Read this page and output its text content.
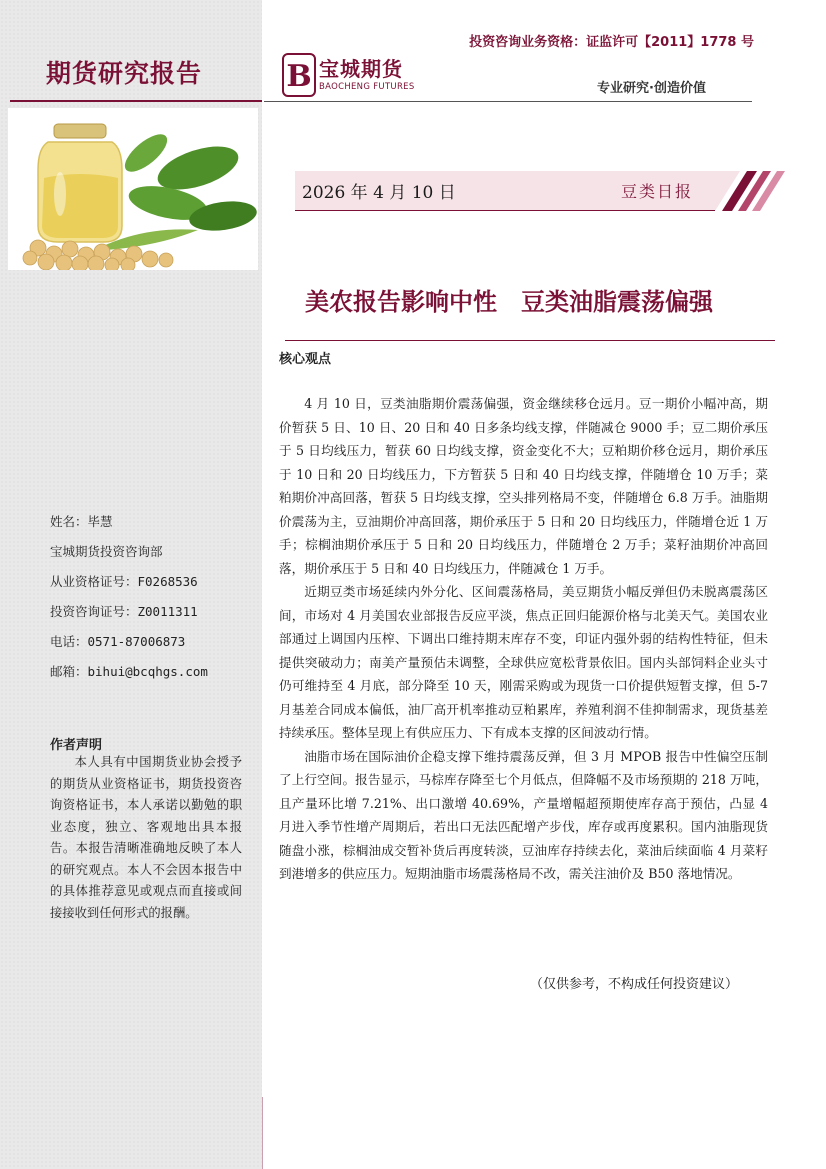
期货研究报告
姓名：毕慧
宝城期货投资咨询部
从业资格证号：F0268536
投资咨询证号：Z0011311
电话：0571-87006873
邮箱：bihui@bcqhgs.com
作者声明
本人具有中国期货业协会授予的期货从业资格证书，期货投资咨询资格证书，本人承诺以勤勉的职业态度，独立、客观地出具本报告。本报告清晰准确地反映了本人的研究观点。本人不会因本报告中的具体推荐意见或观点而直接或间接接收到任何形式的报酬。
投资咨询业务资格：证监许可【2011】1778 号
B 宝城期货
BAOCHENG FUTURES	专业研究·创造价值
2026 年 4 月 10 日	豆类日报
美农报告影响中性　豆类油脂震荡偏强
核心观点

4 月 10 日，豆类油脂期价震荡偏强，资金继续移仓远月。豆一期价小幅冲高，期价暂获 5 日、10 日、20 日和 40 日多条均线支撑，伴随减仓 9000 手；豆二期价承压于 5 日均线压力，暂获 60 日均线支撑，资金变化不大；豆粕期价移仓远月，期价承压于 10 日和 20 日均线压力，下方暂获 5 日和 40 日均线支撑，伴随增仓 10 万手；菜粕期价冲高回落，暂获 5 日均线支撑，空头排列格局不变，伴随增仓 6.8 万手。油脂期价震荡为主，豆油期价冲高回落，期价承压于 5 日和 20 日均线压力，伴随增仓近 1 万手；棕榈油期价承压于 5 日和 20 日均线压力，伴随增仓 2 万手；菜籽油期价冲高回落，期价承压于 5 日和 40 日均线压力，伴随减仓 1 万手。

近期豆类市场延续内外分化、区间震荡格局，美豆期货小幅反弹但仍未脱离震荡区间，市场对 4 月美国农业部报告反应平淡，焦点正回归能源价格与北美天气。美国农业部通过上调国内压榨、下调出口维持期末库存不变，印证内强外弱的结构性特征，但未提供突破动力；南美产量预估未调整，全球供应宽松背景依旧。国内头部饲料企业头寸仍可维持至 4 月底，部分降至 10 天，刚需采购或为现货一口价提供短暂支撑，但 5-7 月基差合同成本偏低，油厂高开机率推动豆粕累库，养殖利润不佳抑制需求，现货基差持续承压。整体呈现上有供应压力、下有成本支撑的区间波动行情。

油脂市场在国际油价企稳支撑下维持震荡反弹，但 3 月 MPOB 报告中性偏空压制了上行空间。报告显示，马棕库存降至七个月低点，但降幅不及市场预期的 218 万吨，且产量环比增 7.21%、出口激增 40.69%，产量增幅超预期使库存高于预估，凸显 4 月进入季节性增产周期后，若出口无法匹配增产步伐，库存或再度累积。国内油脂现货随盘小涨，棕榈油成交暂补货后再度转淡，豆油库存持续去化，菜油后续面临 4 月菜籽到港增多的供应压力。短期油脂市场震荡格局不改，需关注油价及 B50 落地情况。

（仅供参考，不构成任何投资建议）
